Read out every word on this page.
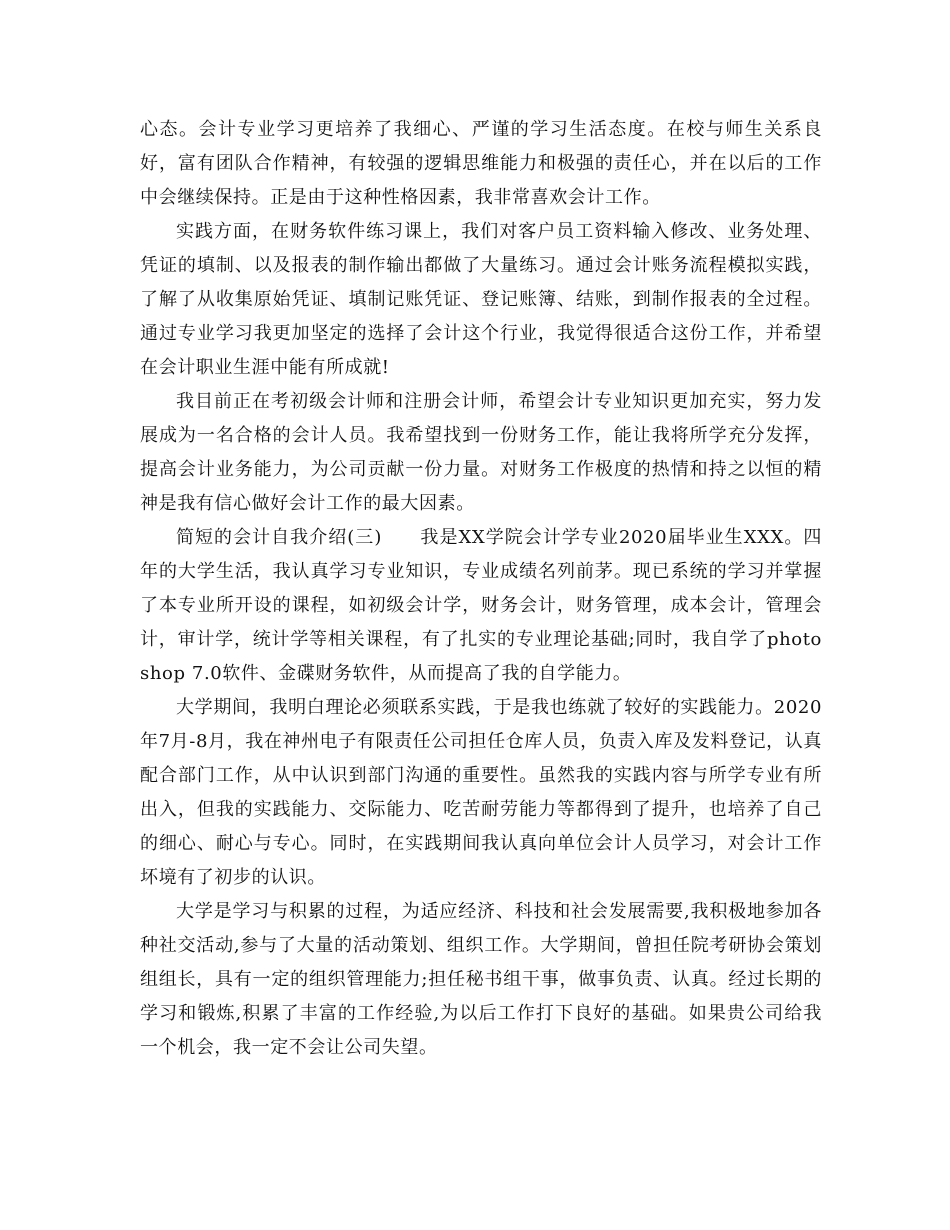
心态。会计专业学习更培养了我细心、严谨的学习生活态度。在校与师生关系良好，富有团队合作精神，有较强的逻辑思维能力和极强的责任心，并在以后的工作中会继续保持。正是由于这种性格因素，我非常喜欢会计工作。

实践方面，在财务软件练习课上，我们对客户员工资料输入修改、业务处理、凭证的填制、以及报表的制作输出都做了大量练习。通过会计账务流程模拟实践，了解了从收集原始凭证、填制记账凭证、登记账簿、结账，到制作报表的全过程。通过专业学习我更加坚定的选择了会计这个行业，我觉得很适合这份工作，并希望在会计职业生涯中能有所成就!

我目前正在考初级会计师和注册会计师，希望会计专业知识更加充实，努力发展成为一名合格的会计人员。我希望找到一份财务工作，能让我将所学充分发挥，提高会计业务能力，为公司贡献一份力量。对财务工作极度的热情和持之以恒的精神是我有信心做好会计工作的最大因素。

简短的会计自我介绍(三)　　我是XX学院会计学专业2020届毕业生XXX。四年的大学生活，我认真学习专业知识，专业成绩名列前茅。现已系统的学习并掌握了本专业所开设的课程，如初级会计学，财务会计，财务管理，成本会计，管理会计，审计学，统计学等相关课程，有了扎实的专业理论基础;同时，我自学了photoshop 7.0软件、金碟财务软件，从而提高了我的自学能力。

大学期间，我明白理论必须联系实践，于是我也练就了较好的实践能力。2020年7月-8月，我在神州电子有限责任公司担任仓库人员，负责入库及发料登记，认真配合部门工作，从中认识到部门沟通的重要性。虽然我的实践内容与所学专业有所出入，但我的实践能力、交际能力、吃苦耐劳能力等都得到了提升，也培养了自己的细心、耐心与专心。同时，在实践期间我认真向单位会计人员学习，对会计工作坏境有了初步的认识。

大学是学习与积累的过程，为适应经济、科技和社会发展需要,我积极地参加各种社交活动,参与了大量的活动策划、组织工作。大学期间，曾担任院考研协会策划组组长，具有一定的组织管理能力;担任秘书组干事，做事负责、认真。经过长期的学习和锻炼,积累了丰富的工作经验,为以后工作打下良好的基础。如果贵公司给我一个机会，我一定不会让公司失望。
